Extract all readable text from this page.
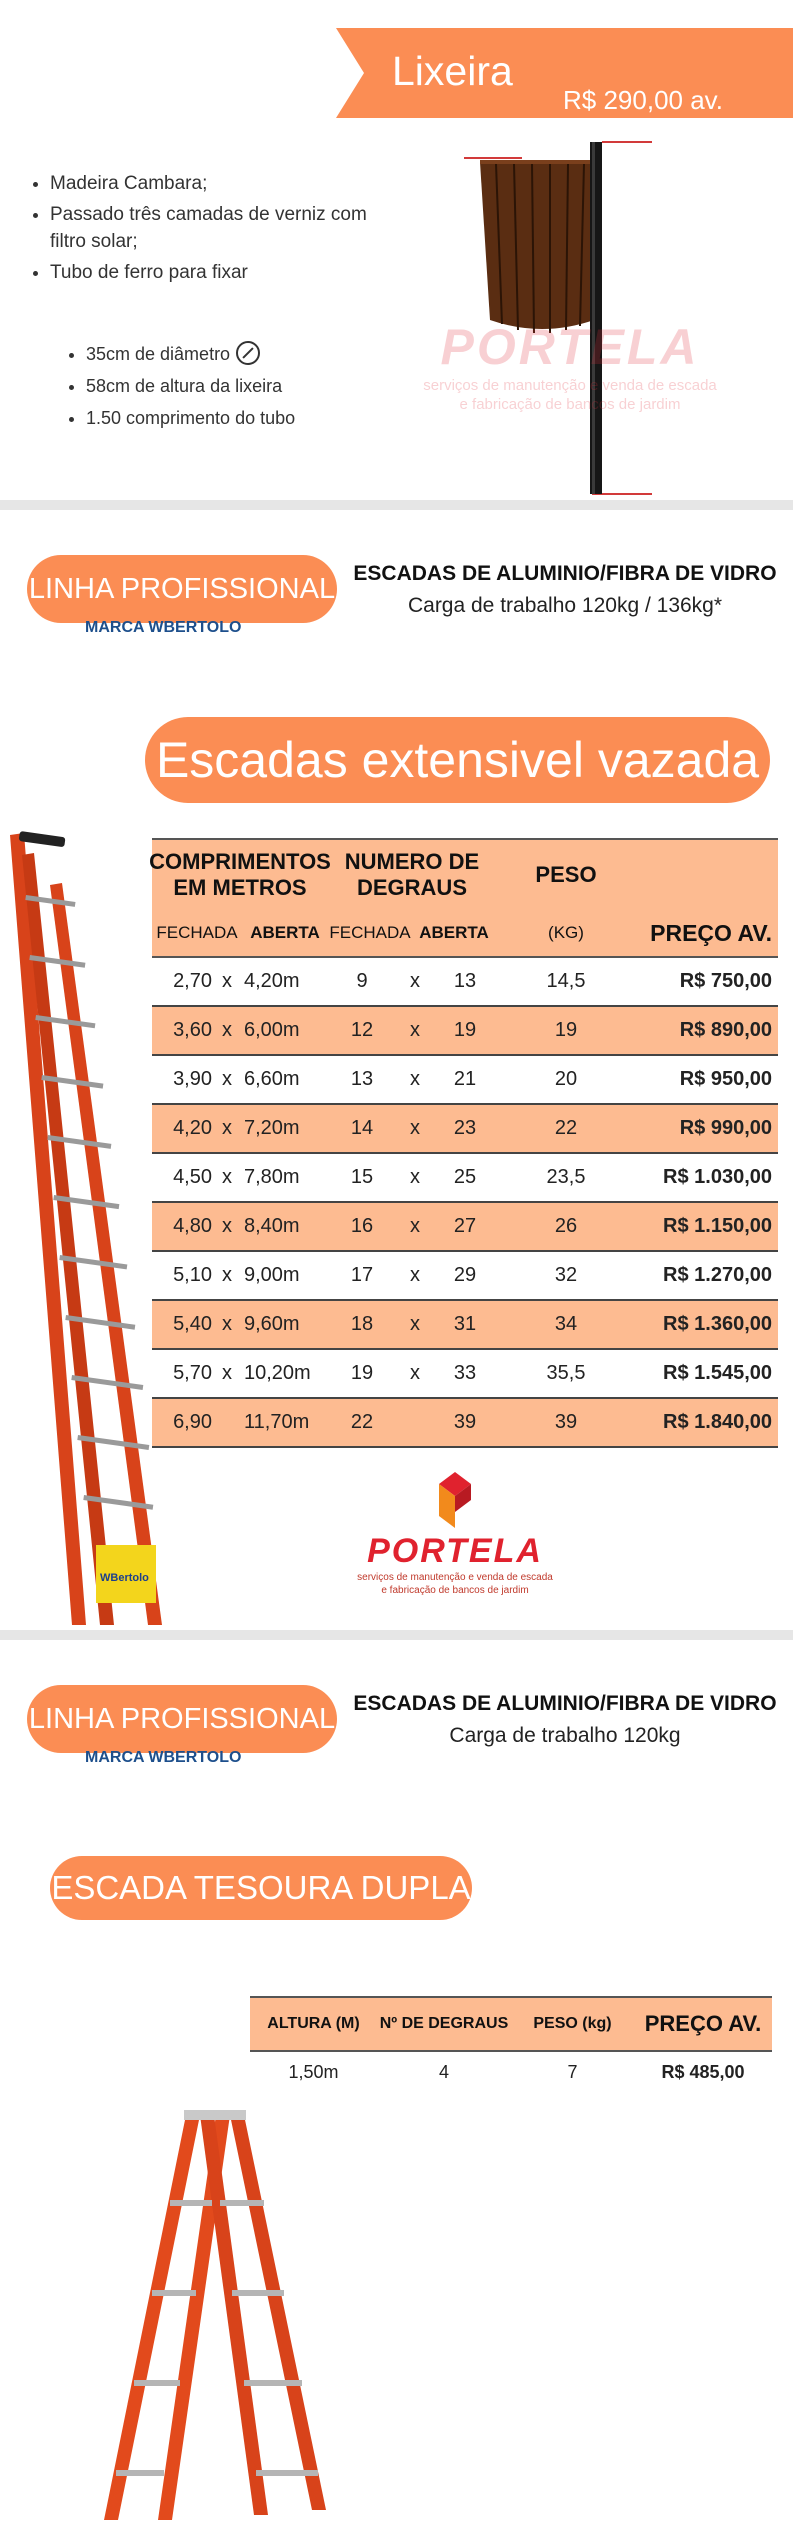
Lixeira
R$ 290,00 av.
• Madeira Cambara;
• Passado três camadas de verniz com filtro solar;
• Tubo de ferro para fixar
• 35cm de diâmetro
• 58cm de altura da lixeira
• 1.50 comprimento do tubo
PORTELA
serviços de manutenção e venda de escada
e fabricação de bancos de jardim
LINHA PROFISSIONAL
MARCA WBERTOLO
ESCADAS DE ALUMINIO/FIBRA DE VIDRO
Carga de trabalho 120kg / 136kg*
Escadas extensivel vazada
WBertolo
COMPRIMENTOS EM METROS
NUMERO DE DEGRAUS
PESO
FECHADA ABERTA FECHADA ABERTA	(KG)	PREÇO AV.
2,70 x 4,20m	9	x	13	14,5	R$ 750,00
3,60 x 6,00m	12	x	19	19	R$ 890,00
3,90 x 6,60m	13	x	21	20	R$ 950,00
4,20 x 7,20m	14	x	23	22	R$ 990,00
4,50 x 7,80m	15	x	25	23,5	R$ 1.030,00
4,80 x 8,40m	16	x	27	26	R$ 1.150,00
5,10 x 9,00m	17	x	29	32	R$ 1.270,00
5,40 x 9,60m	18	x	31	34	R$ 1.360,00
5,70 x 10,20m	19	x	33	35,5	R$ 1.545,00
6,90 11,70m	22	39	39	R$ 1.840,00
PORTELA
serviços de manutenção e venda de escada
e fabricação de bancos de jardim
LINHA PROFISSIONAL
MARCA WBERTOLO
ESCADAS DE ALUMINIO/FIBRA DE VIDRO
Carga de trabalho 120kg
ESCADA TESOURA DUPLA
ALTURA (M)	Nº DE DEGRAUS	PESO (kg)	PREÇO AV.
1,50m	4	7	R$ 485,00
